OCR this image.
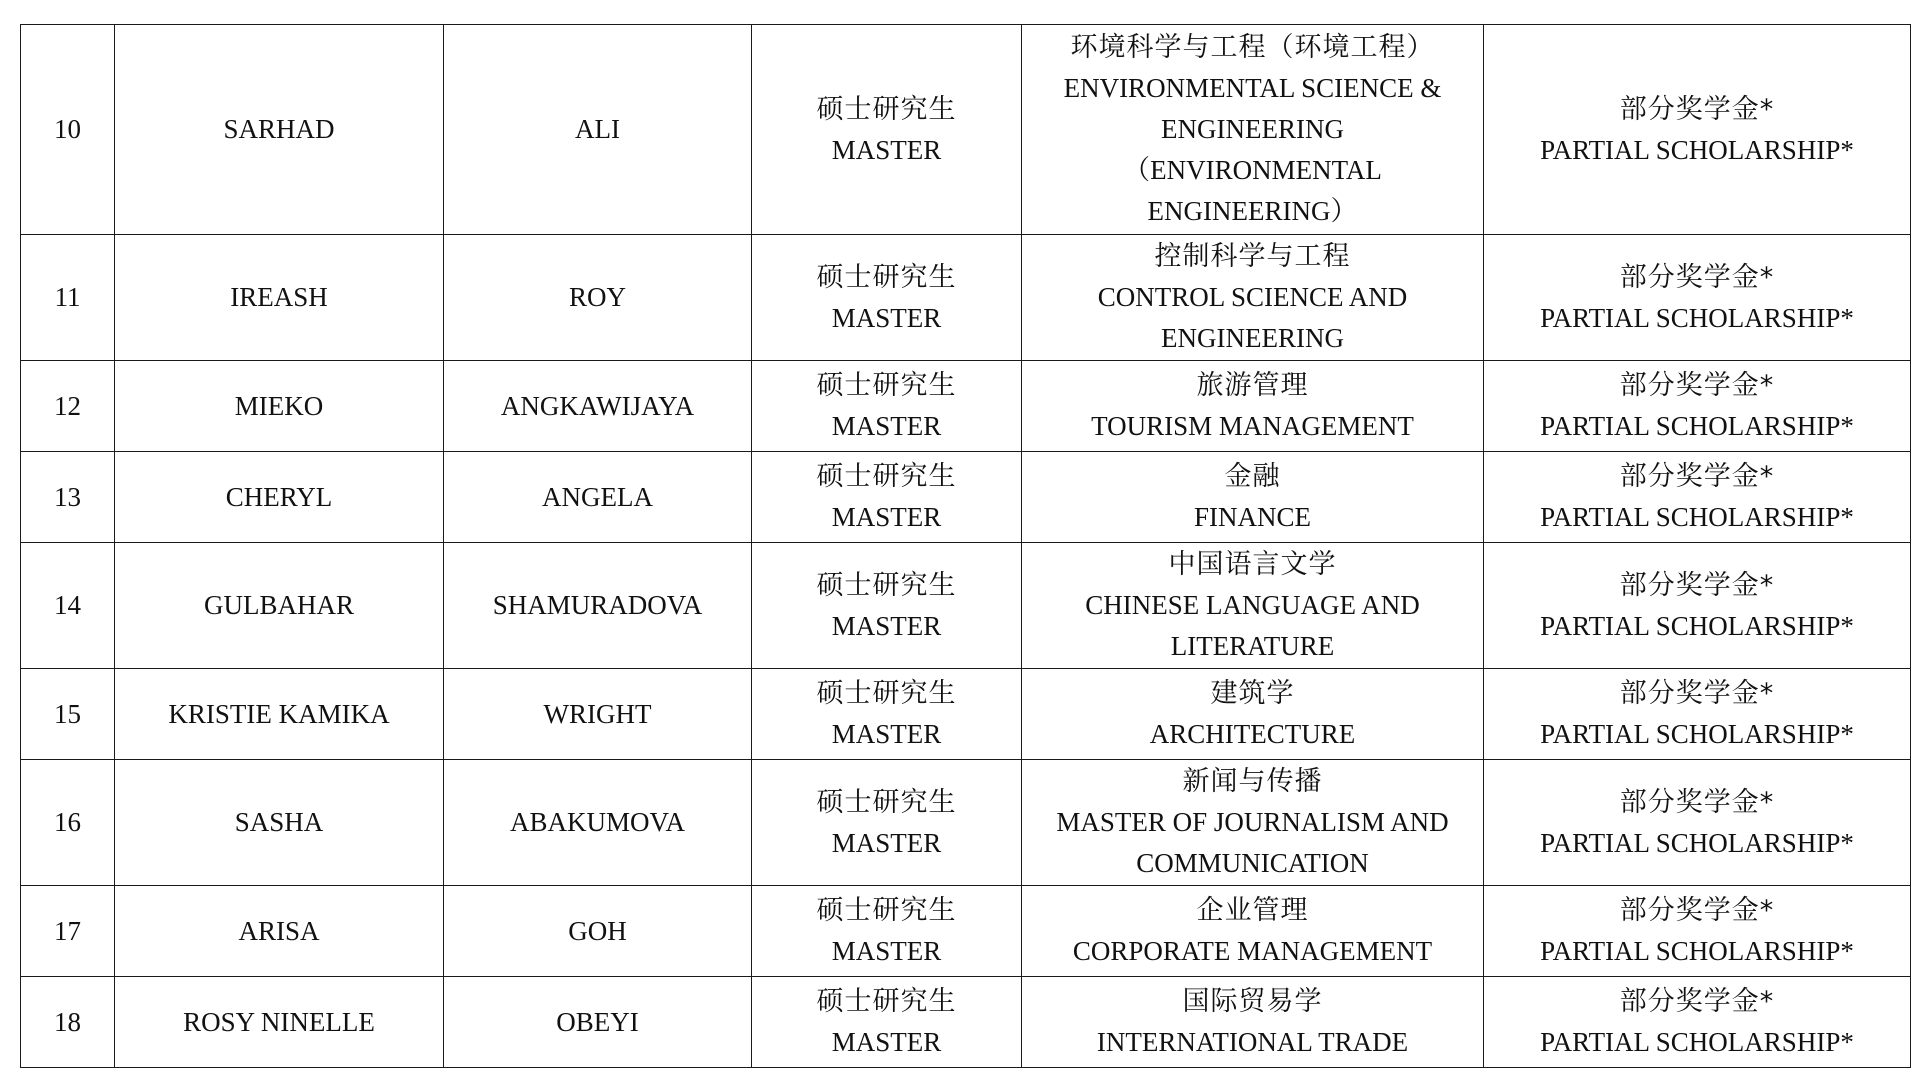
10	SARHAD	ALI	硕士研究生
MASTER	环境科学与工程（环境工程）
ENVIRONMENTAL SCIENCE &
ENGINEERING
（ENVIRONMENTAL
ENGINEERING）	部分奖学金*
PARTIAL SCHOLARSHIP*

11	IREASH	ROY	硕士研究生
MASTER	控制科学与工程
CONTROL SCIENCE AND
ENGINEERING	部分奖学金*
PARTIAL SCHOLARSHIP*

12	MIEKO	ANGKAWIJAYA	硕士研究生
MASTER	旅游管理
TOURISM MANAGEMENT	部分奖学金*
PARTIAL SCHOLARSHIP*

13	CHERYL	ANGELA	硕士研究生
MASTER	金融
FINANCE	部分奖学金*
PARTIAL SCHOLARSHIP*

14	GULBAHAR	SHAMURADOVA	硕士研究生
MASTER	中国语言文学
CHINESE LANGUAGE AND
LITERATURE	部分奖学金*
PARTIAL SCHOLARSHIP*

15	KRISTIE KAMIKA	WRIGHT	硕士研究生
MASTER	建筑学
ARCHITECTURE	部分奖学金*
PARTIAL SCHOLARSHIP*

16	SASHA	ABAKUMOVA	硕士研究生
MASTER	新闻与传播
MASTER OF JOURNALISM AND
COMMUNICATION	部分奖学金*
PARTIAL SCHOLARSHIP*

17	ARISA	GOH	硕士研究生
MASTER	企业管理
CORPORATE MANAGEMENT	部分奖学金*
PARTIAL SCHOLARSHIP*

18	ROSY NINELLE	OBEYI	硕士研究生
MASTER	国际贸易学
INTERNATIONAL TRADE	部分奖学金*
PARTIAL SCHOLARSHIP*
